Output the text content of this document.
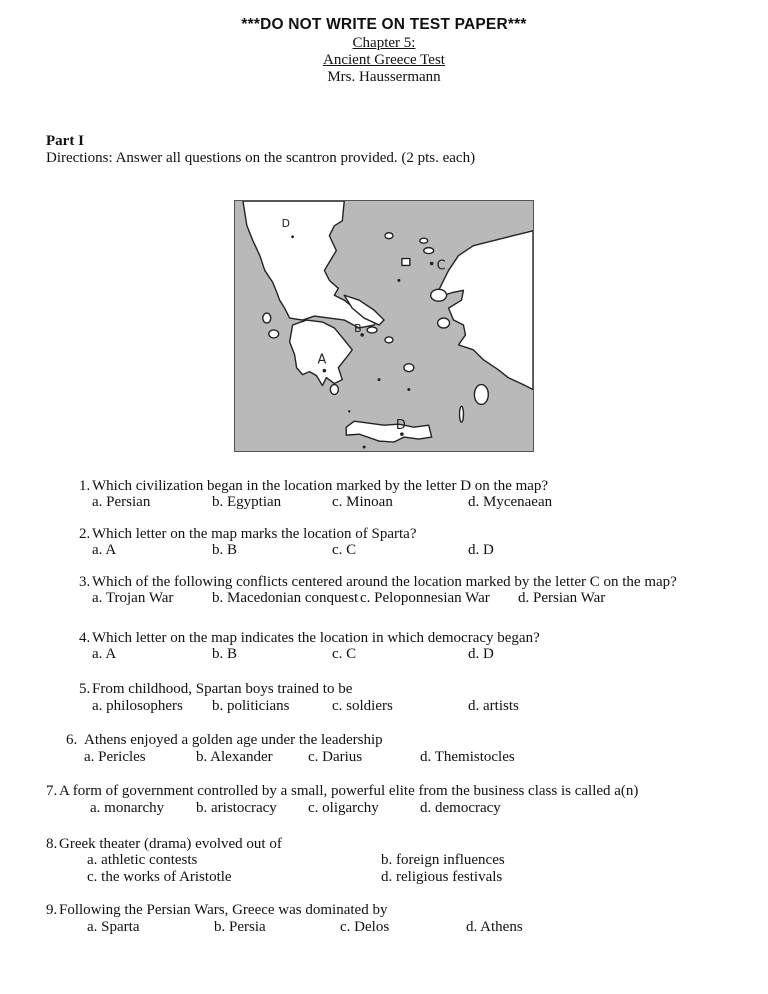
***DO NOT WRITE ON TEST PAPER***
Chapter 5:
Ancient Greece Test
Mrs. Haussermann
Part I
Directions: Answer all questions on the scantron provided. (2 pts. each)
A
B
C
D
D
1. Which civilization began in the location marked by the letter D on the map?
a. Persian	b. Egyptian	c. Minoan	d. Mycenaean
2. Which letter on the map marks the location of Sparta?
a. A	b. B	c. C	d. D
3. Which of the following conflicts centered around the location marked by the letter C on the map?
a. Trojan War	b. Macedonian conquest c. Peloponnesian War d. Persian War
4. Which letter on the map indicates the location in which democracy began?
a. A	b. B	c. C	d. D
5. From childhood, Spartan boys trained to be
a. philosophers b. politicians	c. soldiers	d. artists
6. Athens enjoyed a golden age under the leadership
a. Pericles	b. Alexander c. Darius	d. Themistocles
7. A form of government controlled by a small, powerful elite from the business class is called a(n)
a. monarchy b. aristocracy c. oligarchy	d. democracy
8. Greek theater (drama) evolved out of
a. athletic contests	b. foreign influences
c. the works of Aristotle	d. religious festivals
9. Following the Persian Wars, Greece was dominated by
a. Sparta	b. Persia	c. Delos	d. Athens
